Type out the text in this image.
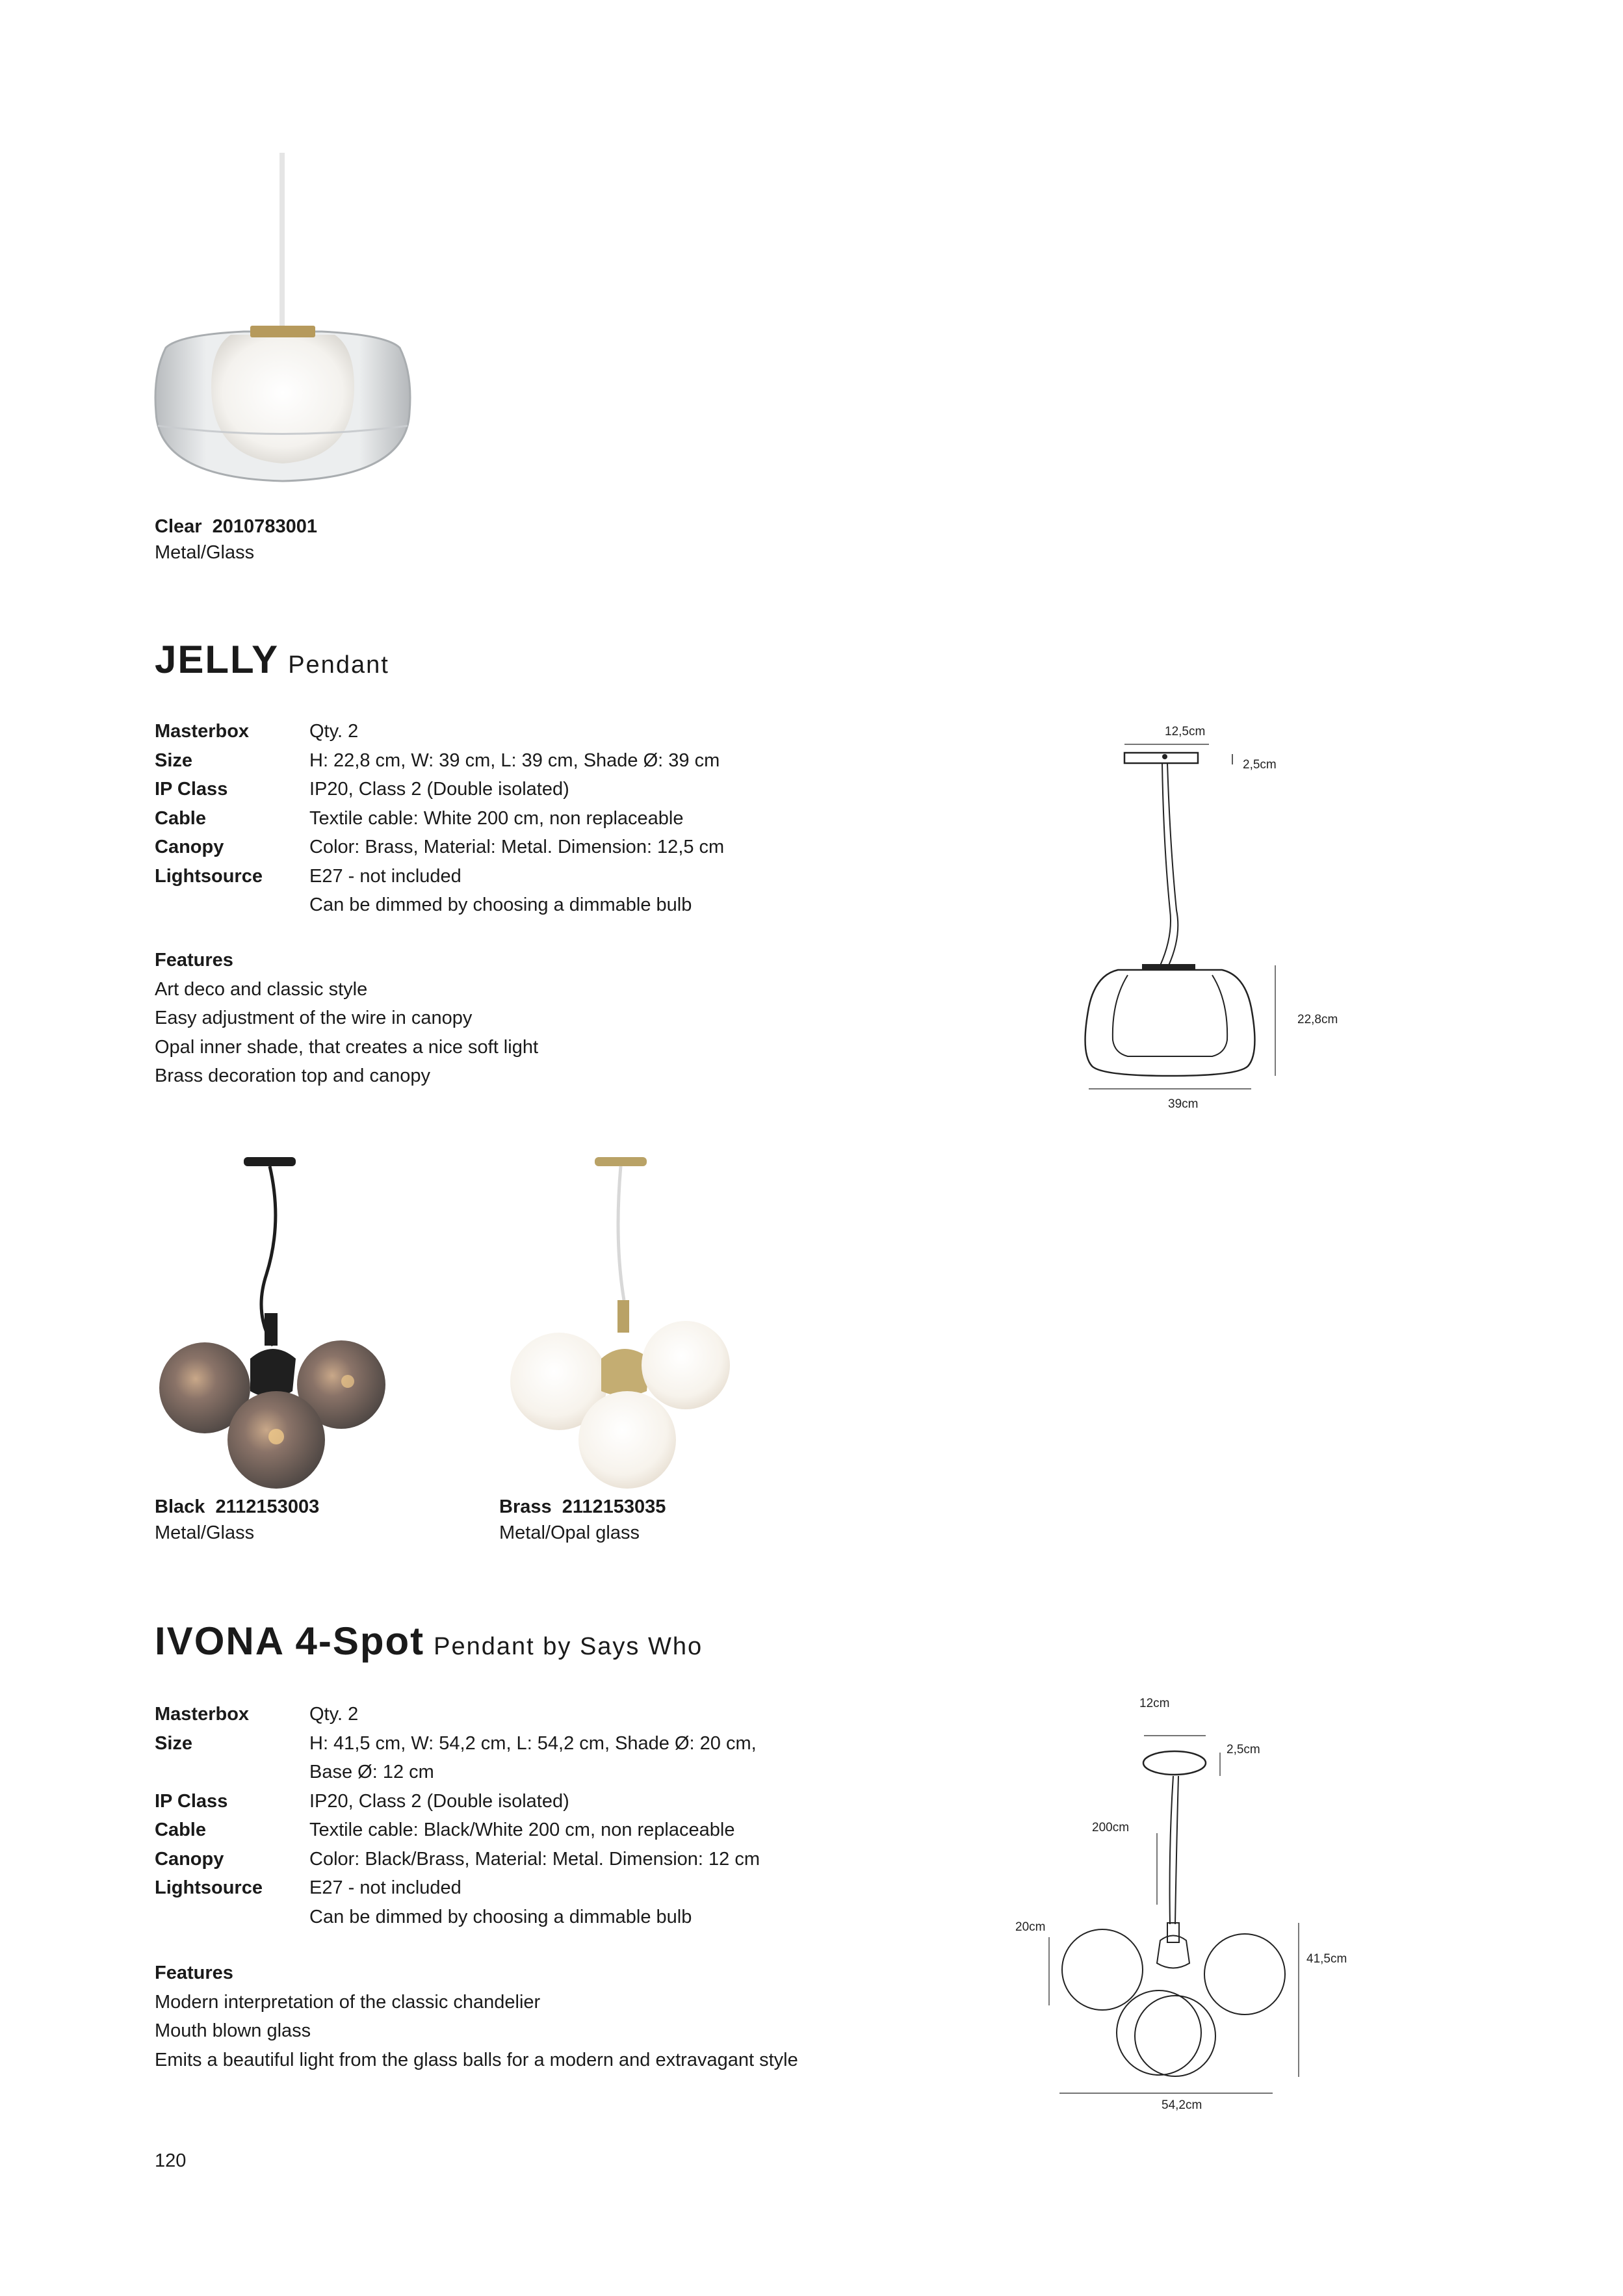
Clear 2010783001
Metal/Glass
JELLY Pendant
Masterbox	Qty. 2
Size	H: 22,8 cm, W: 39 cm, L: 39 cm, Shade Ø: 39 cm
IP Class	IP20, Class 2 (Double isolated)
Cable	Textile cable: White 200 cm, non replaceable
Canopy	Color: Brass, Material: Metal. Dimension: 12,5 cm
Lightsource	E27 - not included
Can be dimmed by choosing a dimmable bulb
Features
Art deco and classic style
Easy adjustment of the wire in canopy
Opal inner shade, that creates a nice soft light
Brass decoration top and canopy
12,5cm
2,5cm
22,8cm
39cm
Black 2112153003
Metal/Glass
Brass 2112153035
Metal/Opal glass
IVONA 4-Spot Pendant by Says Who
Masterbox	Qty. 2
Size	H: 41,5 cm, W: 54,2 cm, L: 54,2 cm, Shade Ø: 20 cm, Base Ø: 12 cm
IP Class	IP20, Class 2 (Double isolated)
Cable	Textile cable: Black/White 200 cm, non replaceable
Canopy	Color: Black/Brass, Material: Metal. Dimension: 12 cm
Lightsource	E27 - not included
Can be dimmed by choosing a dimmable bulb
Features
Modern interpretation of the classic chandelier
Mouth blown glass
Emits a beautiful light from the glass balls for a modern and extravagant style
12cm
2,5cm
200cm
20cm
41,5cm
54,2cm
120
